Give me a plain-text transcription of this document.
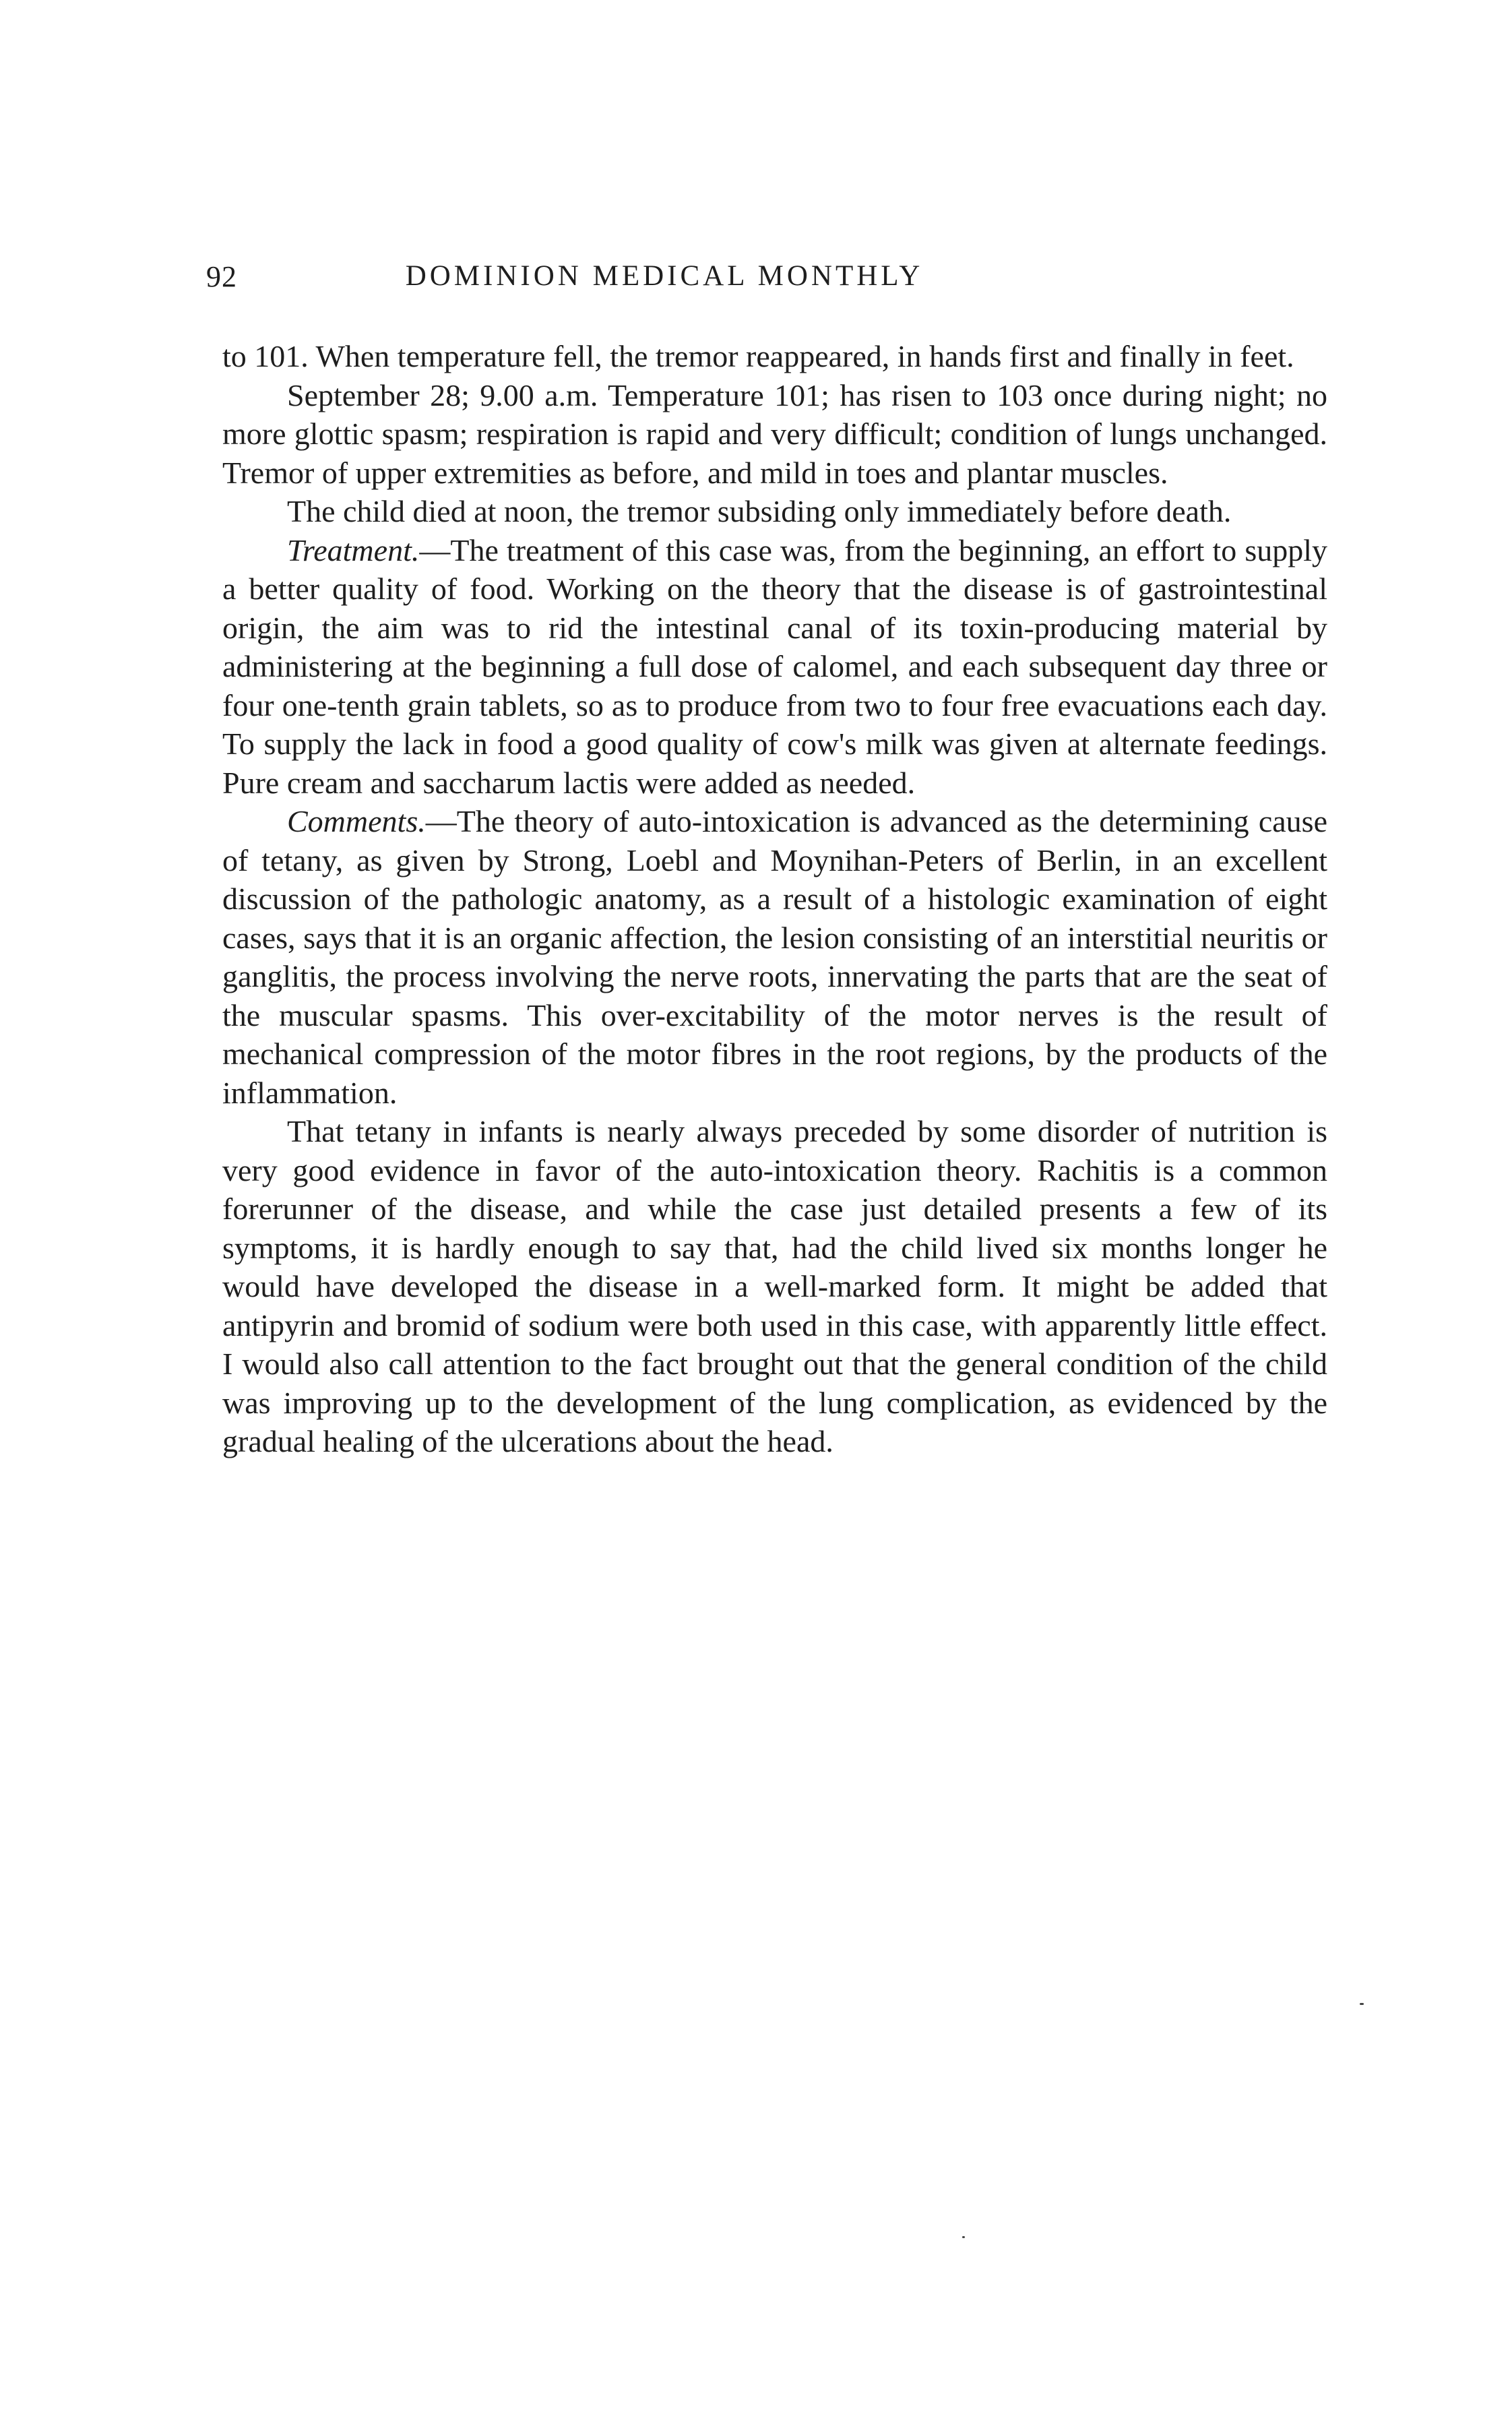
92	DOMINION MEDICAL MONTHLY

to 101. When temperature fell, the tremor reappeared, in hands first and finally in feet.

September 28; 9.00 a.m. Temperature 101; has risen to 103 once during night; no more glottic spasm; respiration is rapid and very difficult; condition of lungs unchanged. Tremor of upper extremities as before, and mild in toes and plantar muscles.

The child died at noon, the tremor subsiding only immediately before death.

Treatment.—The treatment of this case was, from the beginning, an effort to supply a better quality of food. Working on the theory that the disease is of gastrointestinal origin, the aim was to rid the intestinal canal of its toxin-producing material by administering at the beginning a full dose of calomel, and each subsequent day three or four one-tenth grain tablets, so as to produce from two to four free evacuations each day. To supply the lack in food a good quality of cow's milk was given at alternate feedings. Pure cream and saccharum lactis were added as needed.

Comments.—The theory of auto-intoxication is advanced as the determining cause of tetany, as given by Strong, Loebl and Moynihan-Peters of Berlin, in an excellent discussion of the pathologic anatomy, as a result of a histologic examination of eight cases, says that it is an organic affection, the lesion consisting of an interstitial neuritis or ganglitis, the process involving the nerve roots, innervating the parts that are the seat of the muscular spasms. This over-excitability of the motor nerves is the result of mechanical compression of the motor fibres in the root regions, by the products of the inflammation.

That tetany in infants is nearly always preceded by some disorder of nutrition is very good evidence in favor of the auto-intoxication theory. Rachitis is a common forerunner of the disease, and while the case just detailed presents a few of its symptoms, it is hardly enough to say that, had the child lived six months longer he would have developed the disease in a well-marked form. It might be added that antipyrin and bromid of sodium were both used in this case, with apparently little effect. I would also call attention to the fact brought out that the general condition of the child was improving up to the development of the lung complication, as evidenced by the gradual healing of the ulcerations about the head.
